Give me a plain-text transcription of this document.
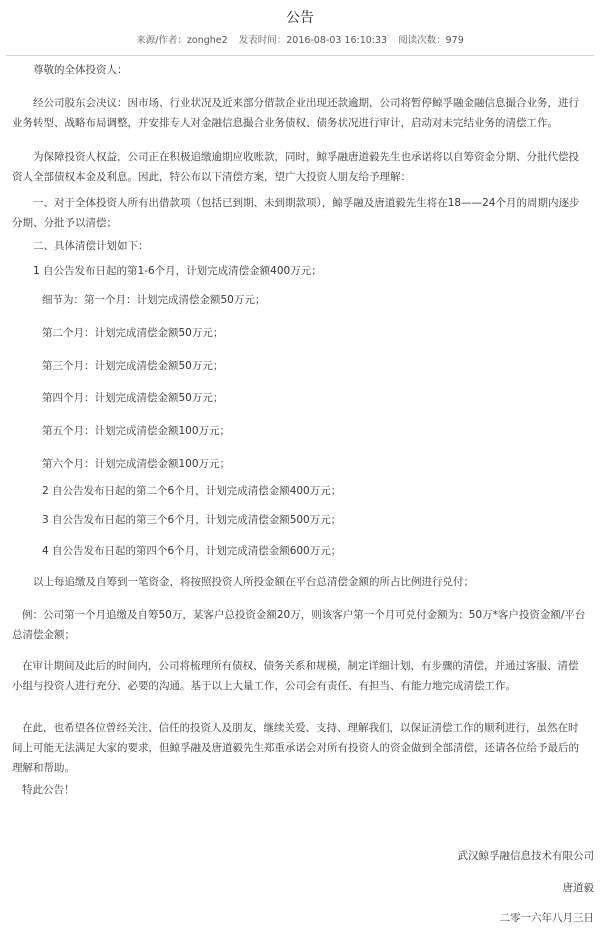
公告
来源/作者：zonghe2 发表时间：2016-08-03 16:10:33 阅读次数：979

尊敬的全体投资人：

经公司股东会决议：因市场、行业状况及近来部分借款企业出现还款逾期，公司将暂停鲸孚融金融信息撮合业务，进行业务转型、战略布局调整，并安排专人对金融信息撮合业务债权、债务状况进行审计，启动对未完结业务的清偿工作。

为保障投资人权益，公司正在积极追缴逾期应收账款，同时，鲸孚融唐道毅先生也承诺将以自筹资金分期、分批代偿投资人全部债权本金及利息。因此，特公布以下清偿方案，望广大投资人朋友给予理解：

一、对于全体投资人所有出借款项（包括已到期、未到期款项），鲸孚融及唐道毅先生将在18——24个月的周期内逐步分期、分批予以清偿；

二、具体清偿计划如下：

1 自公告发布日起的第1-6个月，计划完成清偿金额400万元；

细节为：第一个月：计划完成清偿金额50万元；

第二个月：计划完成清偿金额50万元；

第三个月：计划完成清偿金额50万元；

第四个月：计划完成清偿金额50万元；

第五个月：计划完成清偿金额100万元；

第六个月：计划完成清偿金额100万元；

2 自公告发布日起的第二个6个月，计划完成清偿金额400万元；

3 自公告发布日起的第三个6个月，计划完成清偿金额500万元；

4 自公告发布日起的第四个6个月，计划完成清偿金额600万元；

以上每追缴及自筹到一笔资金，将按照投资人所投金额在平台总清偿金额的所占比例进行兑付；

例：公司第一个月追缴及自筹50万，某客户总投资金额20万，则该客户第一个月可兑付金额为：50万*客户投资金额/平台总清偿金额；

在审计期间及此后的时间内，公司将梳理所有债权、债务关系和规模，制定详细计划，有步骤的清偿，并通过客服、清偿小组与投资人进行充分、必要的沟通。基于以上大量工作，公司会有责任、有担当、有能力地完成清偿工作。

在此，也希望各位曾经关注、信任的投资人及朋友，继续关爱、支持、理解我们，以保证清偿工作的顺利进行，虽然在时间上可能无法满足大家的要求，但鲸孚融及唐道毅先生郑重承诺会对所有投资人的资金做到全部清偿，还请各位给予最后的理解和帮助。

特此公告！

武汉鲸孚融信息技术有限公司

唐道毅

二零一六年八月三日
